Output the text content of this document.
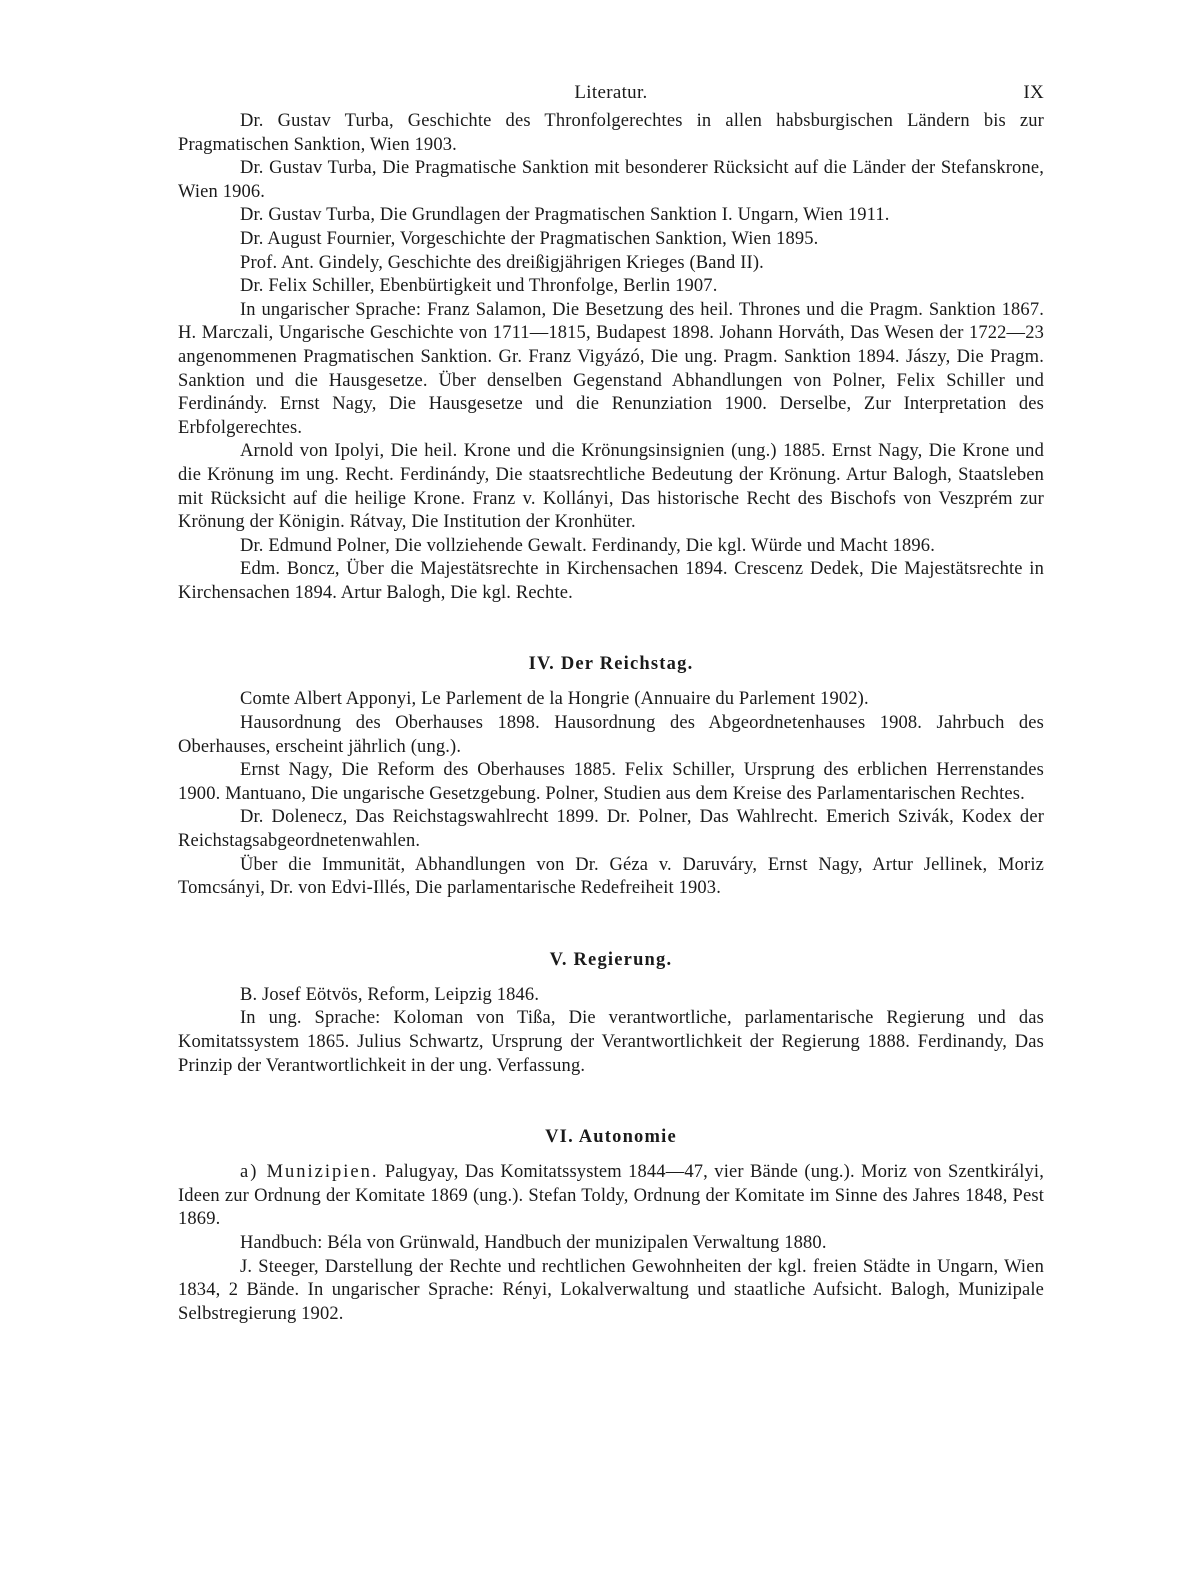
Literatur.	IX

Dr. Gustav Turba, Geschichte des Thronfolgerechtes in allen habsburgischen Ländern bis zur Pragmatischen Sanktion, Wien 1903.

Dr. Gustav Turba, Die Pragmatische Sanktion mit besonderer Rücksicht auf die Länder der Stefanskrone, Wien 1906.

Dr. Gustav Turba, Die Grundlagen der Pragmatischen Sanktion I. Ungarn, Wien 1911.

Dr. August Fournier, Vorgeschichte der Pragmatischen Sanktion, Wien 1895.

Prof. Ant. Gindely, Geschichte des dreißigjährigen Krieges (Band II).

Dr. Felix Schiller, Ebenbürtigkeit und Thronfolge, Berlin 1907.

In ungarischer Sprache: Franz Salamon, Die Besetzung des heil. Thrones und die Pragm. Sanktion 1867. H. Marczali, Ungarische Geschichte von 1711—1815, Budapest 1898. Johann Horváth, Das Wesen der 1722—23 angenommenen Pragmatischen Sanktion. Gr. Franz Vigyázó, Die ung. Pragm. Sanktion 1894. Jászy, Die Pragm. Sanktion und die Hausgesetze. Über denselben Gegenstand Abhandlungen von Polner, Felix Schiller und Ferdinándy. Ernst Nagy, Die Hausgesetze und die Renunziation 1900. Derselbe, Zur Interpretation des Erbfolgerechtes.

Arnold von Ipolyi, Die heil. Krone und die Krönungsinsignien (ung.) 1885. Ernst Nagy, Die Krone und die Krönung im ung. Recht. Ferdinándy, Die staatsrechtliche Bedeutung der Krönung. Artur Balogh, Staatsleben mit Rücksicht auf die heilige Krone. Franz v. Kollányi, Das historische Recht des Bischofs von Veszprém zur Krönung der Königin. Rátvay, Die Institution der Kronhüter.

Dr. Edmund Polner, Die vollziehende Gewalt. Ferdinandy, Die kgl. Würde und Macht 1896.

Edm. Boncz, Über die Majestätsrechte in Kirchensachen 1894. Crescenz Dedek, Die Majestätsrechte in Kirchensachen 1894. Artur Balogh, Die kgl. Rechte.

IV. Der Reichstag.

Comte Albert Apponyi, Le Parlement de la Hongrie (Annuaire du Parlement 1902).

Hausordnung des Oberhauses 1898. Hausordnung des Abgeordnetenhauses 1908. Jahrbuch des Oberhauses, erscheint jährlich (ung.).

Ernst Nagy, Die Reform des Oberhauses 1885. Felix Schiller, Ursprung des erblichen Herrenstandes 1900. Mantuano, Die ungarische Gesetzgebung. Polner, Studien aus dem Kreise des Parlamentarischen Rechtes.

Dr. Dolenecz, Das Reichstagswahlrecht 1899. Dr. Polner, Das Wahlrecht. Emerich Szivák, Kodex der Reichstagsabgeordnetenwahlen.

Über die Immunität, Abhandlungen von Dr. Géza v. Daruváry, Ernst Nagy, Artur Jellinek, Moriz Tomcsányi, Dr. von Edvi-Illés, Die parlamentarische Redefreiheit 1903.

V. Regierung.

B. Josef Eötvös, Reform, Leipzig 1846.

In ung. Sprache: Koloman von Tißa, Die verantwortliche, parlamentarische Regierung und das Komitatssystem 1865. Julius Schwartz, Ursprung der Verantwortlichkeit der Regierung 1888. Ferdinandy, Das Prinzip der Verantwortlichkeit in der ung. Verfassung.

VI. Autonomie

a) Munizipien. Palugyay, Das Komitatssystem 1844—47, vier Bände (ung.). Moriz von Szentkirályi, Ideen zur Ordnung der Komitate 1869 (ung.). Stefan Toldy, Ordnung der Komitate im Sinne des Jahres 1848, Pest 1869.

Handbuch: Béla von Grünwald, Handbuch der munizipalen Verwaltung 1880.

J. Steeger, Darstellung der Rechte und rechtlichen Gewohnheiten der kgl. freien Städte in Ungarn, Wien 1834, 2 Bände. In ungarischer Sprache: Rényi, Lokalverwaltung und staatliche Aufsicht. Balogh, Munizipale Selbstregierung 1902.
